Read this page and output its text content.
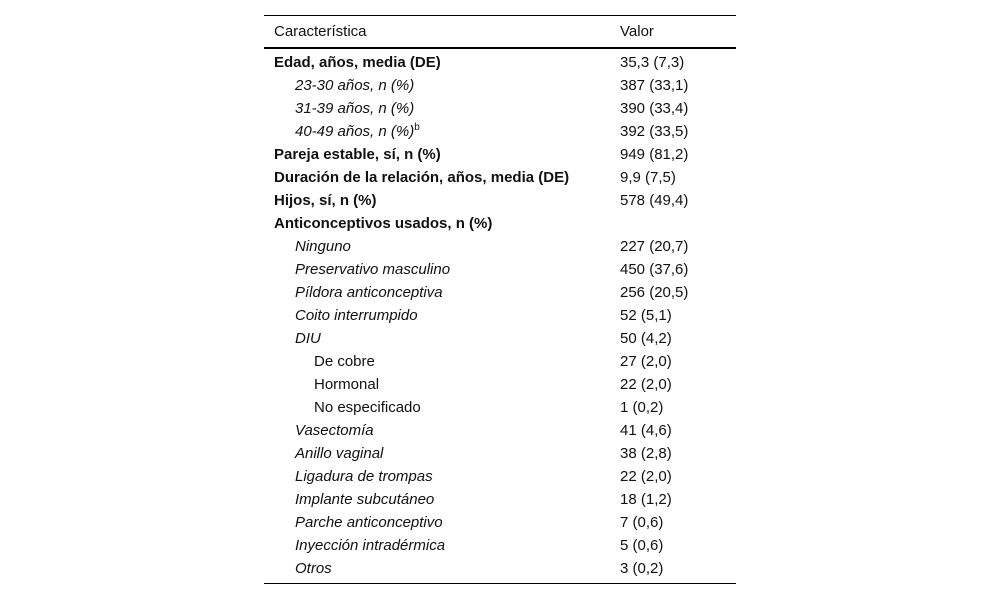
Característica	Valor
Edad, años, media (DE)	35,3 (7,3)
23-30 años, n (%)	387 (33,1)
31-39 años, n (%)	390 (33,4)
40-49 años, n (%)$^b$	392 (33,5)
Pareja estable, sí, n (%)	949 (81,2)
Duración de la relación, años, media (DE)	9,9 (7,5)
Hijos, sí, n (%)	578 (49,4)
Anticonceptivos usados, n (%)
Ninguno	227 (20,7)
Preservativo masculino	450 (37,6)
Píldora anticonceptiva	256 (20,5)
Coito interrumpido	52 (5,1)
DIU	50 (4,2)
De cobre	27 (2,0)
Hormonal	22 (2,0)
No especificado	1 (0,2)
Vasectomía	41 (4,6)
Anillo vaginal	38 (2,8)
Ligadura de trompas	22 (2,0)
Implante subcutáneo	18 (1,2)
Parche anticonceptivo	7 (0,6)
Inyección intradérmica	5 (0,6)
Otros	3 (0,2)
